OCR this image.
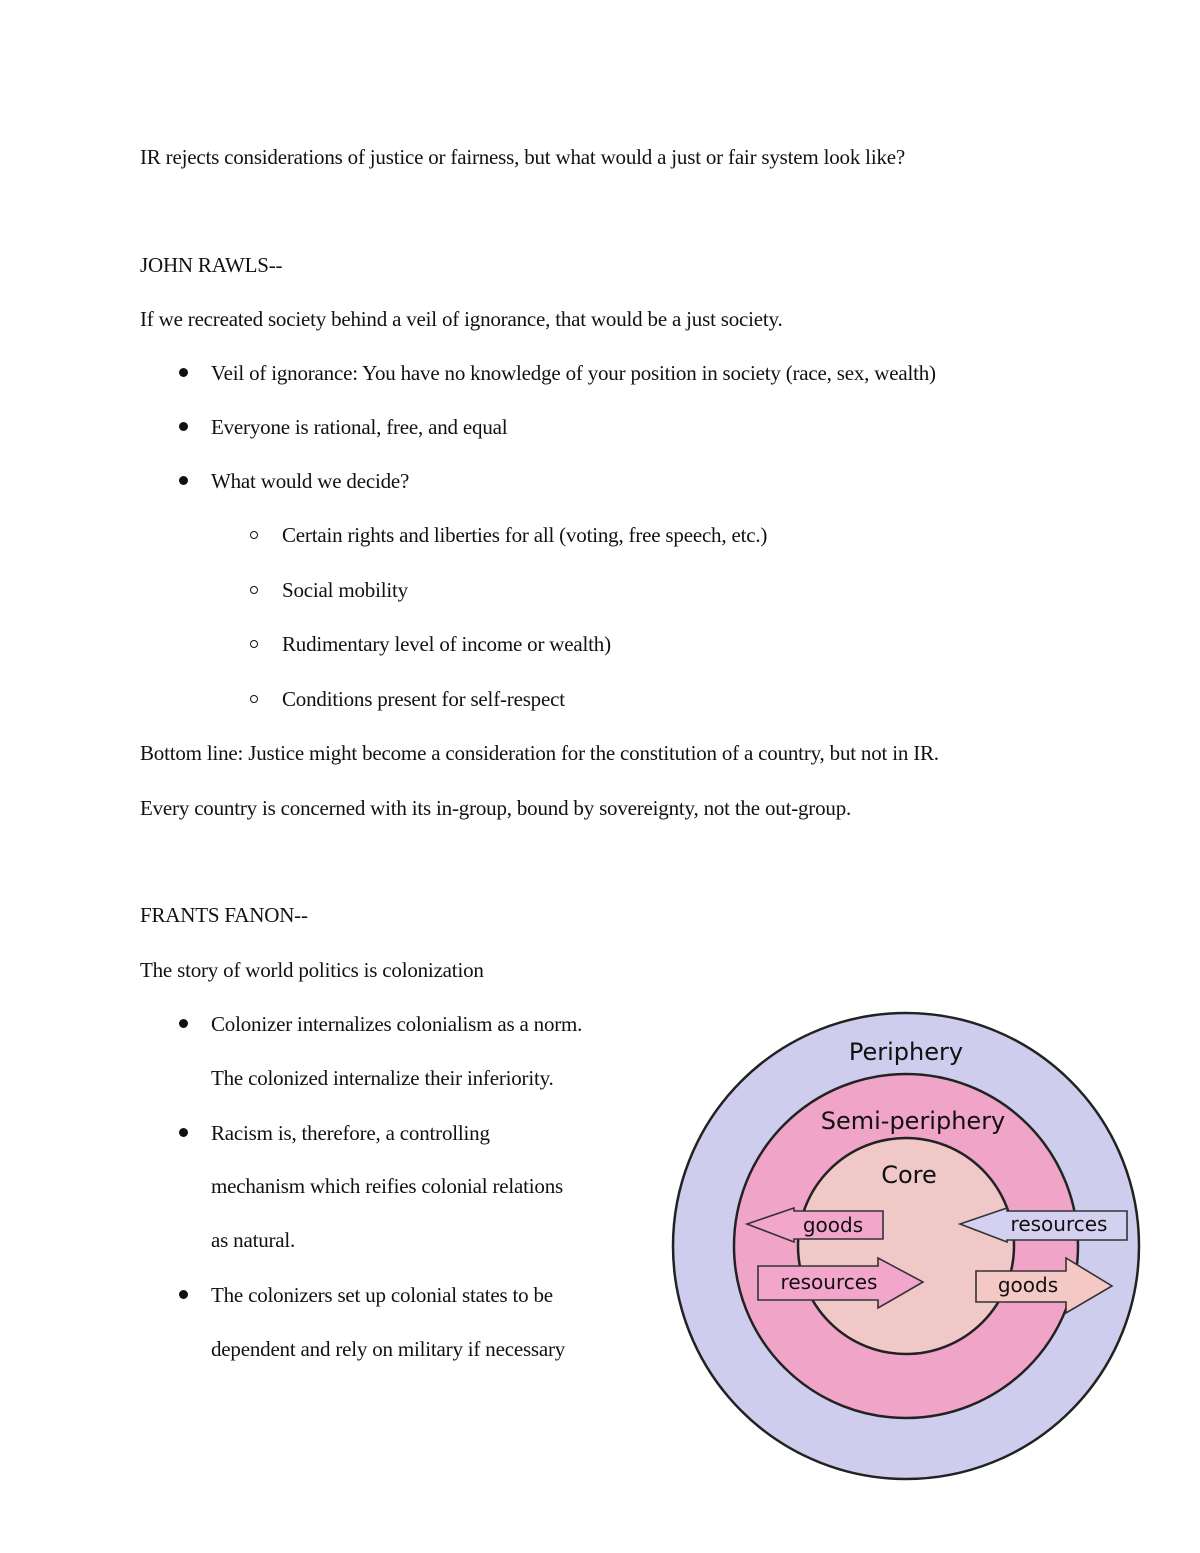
IR rejects considerations of justice or fairness, but what would a just or fair system look like?
JOHN RAWLS--
If we recreated society behind a veil of ignorance, that would be a just society.
Veil of ignorance: You have no knowledge of your position in society (race, sex, wealth)
Everyone is rational, free, and equal
What would we decide?
Certain rights and liberties for all (voting, free speech, etc.)
Social mobility
Rudimentary level of income or wealth)
Conditions present for self-respect
Bottom line: Justice might become a consideration for the constitution of a country, but not in IR.
Every country is concerned with its in-group, bound by sovereignty, not the out-group.
FRANTS FANON--
The story of world politics is colonization
Colonizer internalizes colonialism as a norm.
The colonized internalize their inferiority.
Racism is, therefore, a controlling
mechanism which reifies colonial relations
as natural.
The colonizers set up colonial states to be
dependent and rely on military if necessary
Periphery
Semi-periphery
Core
goods	resources
resources	goods
